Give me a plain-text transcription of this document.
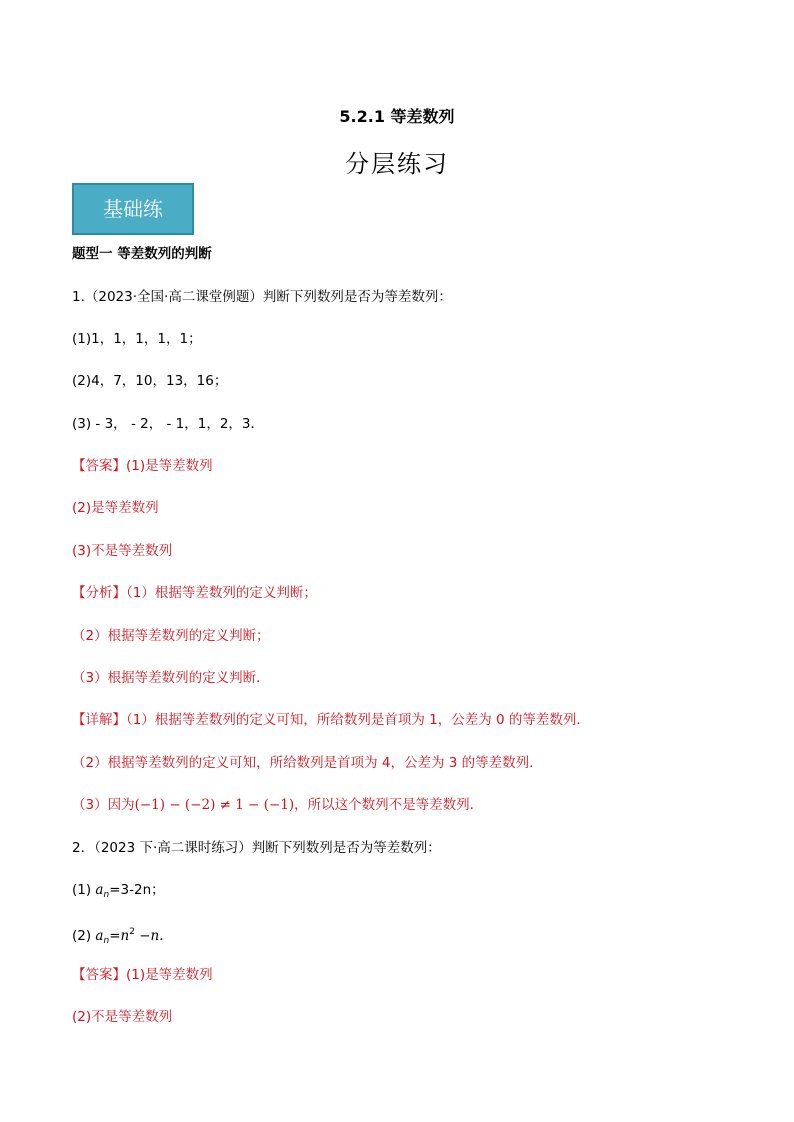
5.2.1 等差数列
分层练习
基础练
题型一 等差数列的判断
1.（2023·全国·高二课堂例题）判断下列数列是否为等差数列：
(1)1，1，1，1，1；
(2)4，7，10，13，16；
(3) - 3， - 2， - 1，1，2，3．
【答案】(1)是等差数列
(2)是等差数列
(3)不是等差数列
【分析】（1）根据等差数列的定义判断；
（2）根据等差数列的定义判断；
（3）根据等差数列的定义判断．
【详解】（1）根据等差数列的定义可知，所给数列是首项为 1，公差为 0 的等差数列．
（2）根据等差数列的定义可知，所给数列是首项为 4，公差为 3 的等差数列．
（3）因为(−1) − (−2) ≠ 1 − (−1)，所以这个数列不是等差数列．
2．（2023 下·高二课时练习）判断下列数列是否为等差数列：
(1) $a_n=3-2n$；
(2) $a_n=n^2 -n$.
【答案】(1)是等差数列
(2)不是等差数列
